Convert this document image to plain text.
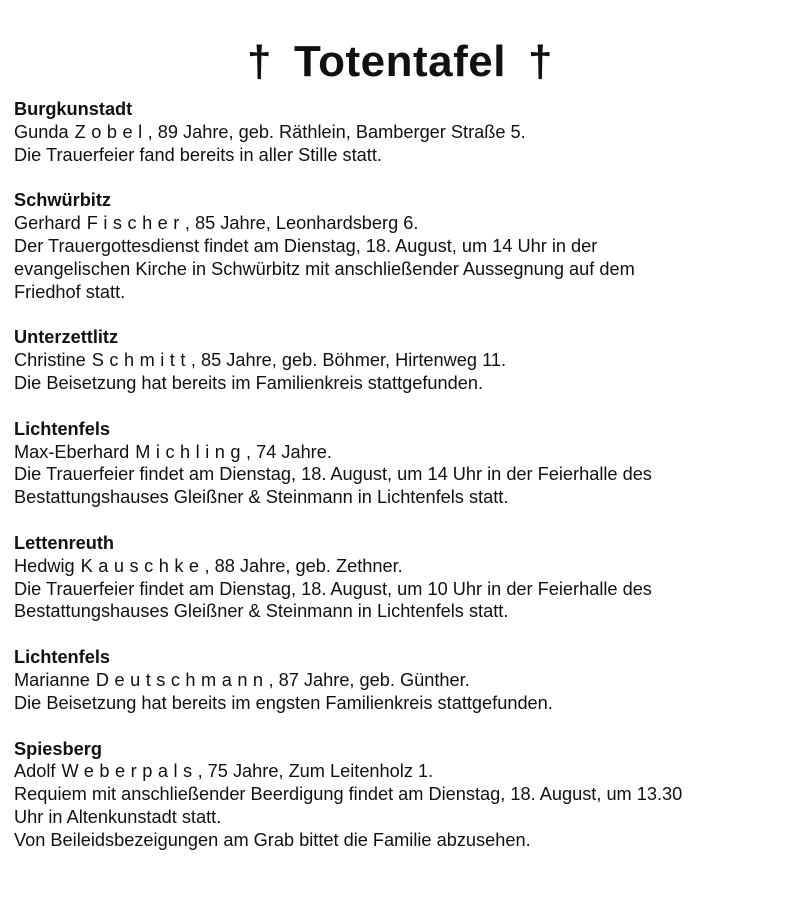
† Totentafel †
Burgkunstadt
Gunda Zobel, 89 Jahre, geb. Räthlein, Bamberger Straße 5.
Die Trauerfeier fand bereits in aller Stille statt.
Schwürbitz
Gerhard Fischer, 85 Jahre, Leonhardsberg 6.
Der Trauergottesdienst findet am Dienstag, 18. August, um 14 Uhr in der
evangelischen Kirche in Schwürbitz mit anschließender Aussegnung auf dem
Friedhof statt.
Unterzettlitz
Christine Schmitt, 85 Jahre, geb. Böhmer, Hirtenweg 11.
Die Beisetzung hat bereits im Familienkreis stattgefunden.
Lichtenfels
Max-Eberhard Michling, 74 Jahre.
Die Trauerfeier findet am Dienstag, 18. August, um 14 Uhr in der Feierhalle des
Bestattungshauses Gleißner & Steinmann in Lichtenfels statt.
Lettenreuth
Hedwig Kauschke, 88 Jahre, geb. Zethner.
Die Trauerfeier findet am Dienstag, 18. August, um 10 Uhr in der Feierhalle des
Bestattungshauses Gleißner & Steinmann in Lichtenfels statt.
Lichtenfels
Marianne Deutschmann, 87 Jahre, geb. Günther.
Die Beisetzung hat bereits im engsten Familienkreis stattgefunden.
Spiesberg
Adolf Weberpals, 75 Jahre, Zum Leitenholz 1.
Requiem mit anschließender Beerdigung findet am Dienstag, 18. August, um 13.30
Uhr in Altenkunstadt statt.
Von Beileidsbezeigungen am Grab bittet die Familie abzusehen.
